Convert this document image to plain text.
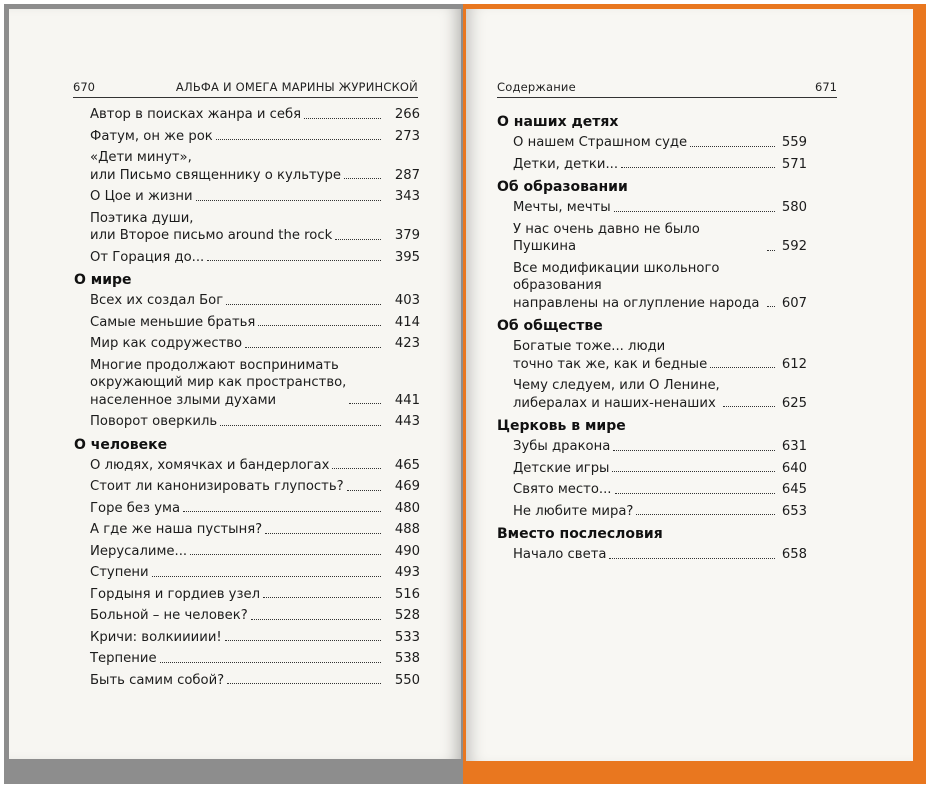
670	АЛЬФА И ОМЕГА МАРИНЫ ЖУРИНСКОЙ	Содержание	671
Автор в поисках жанра и себя	266
Фатум, он же рок	273
«Дети минут»,
или Письмо священнику о культуре	287
О Цое и жизни	343
Поэтика души,
или Второе письмо around the rock	379
От Горация до...	395
О мире
Всех их создал Бог	403
Самые меньшие братья	414
Мир как содружество	423
Многие продолжают воспринимать
окружающий мир как пространство,
населенное злыми духами	441
Поворот оверкиль	443
О человеке
О людях, хомячках и бандерлогах	465
Стоит ли канонизировать глупость?	469
Горе без ума	480
А где же наша пустыня?	488
Иерусалиме...	490
Ступени	493
Гордыня и гордиев узел	516
Больной – не человек?	528
Кричи: волкиииии!	533
Терпение	538
Быть самим собой?	550
О наших детях
О нашем Страшном суде	559
Детки, детки...	571
Об образовании
Мечты, мечты	580
У нас очень давно не было Пушкина	592
Все модификации школьного образования
направлены на оглупление народа	607
Об обществе
Богатые тоже... люди
точно так же, как и бедные	612
Чему следуем, или О Ленине,
либералах и наших-ненаших	625
Церковь в мире
Зубы дракона	631
Детские игры	640
Свято место...	645
Не любите мира?	653
Вместо послесловия
Начало света	658
